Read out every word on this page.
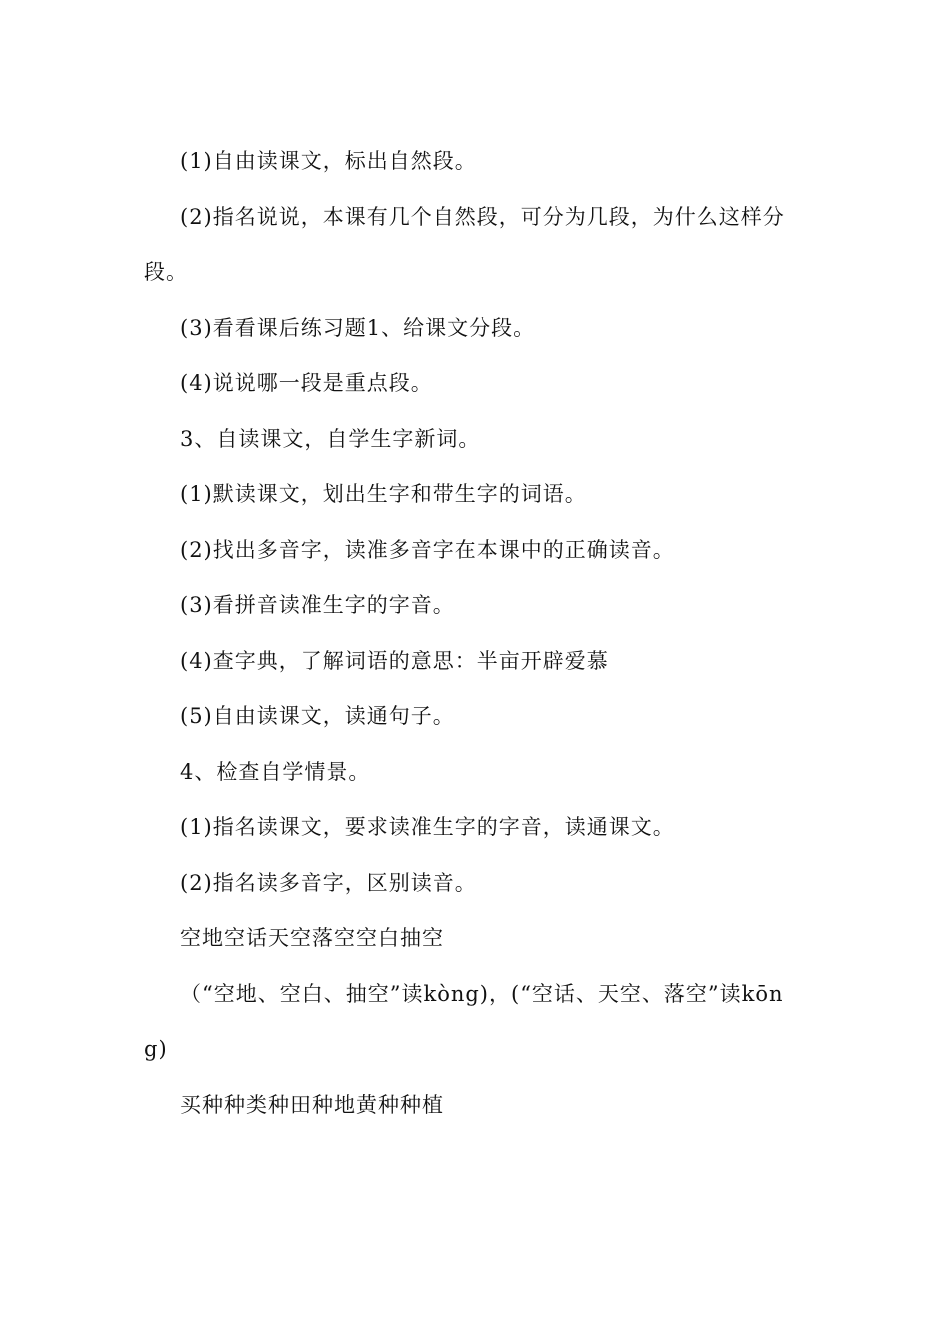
(1)自由读课文，标出自然段。

(2)指名说说，本课有几个自然段，可分为几段，为什么这样分段。

(3)看看课后练习题1、给课文分段。

(4)说说哪一段是重点段。

3、自读课文，自学生字新词。

(1)默读课文，划出生字和带生字的词语。

(2)找出多音字，读准多音字在本课中的正确读音。

(3)看拼音读准生字的字音。

(4)查字典，了解词语的意思：半亩开辟爱慕

(5)自由读课文，读通句子。

4、检查自学情景。

(1)指名读课文，要求读准生字的字音，读通课文。

(2)指名读多音字，区别读音。

空地空话天空落空空白抽空

（“空地、空白、抽空”读kòng)，(“空话、天空、落空”读kōng)

买种种类种田种地黄种种植
